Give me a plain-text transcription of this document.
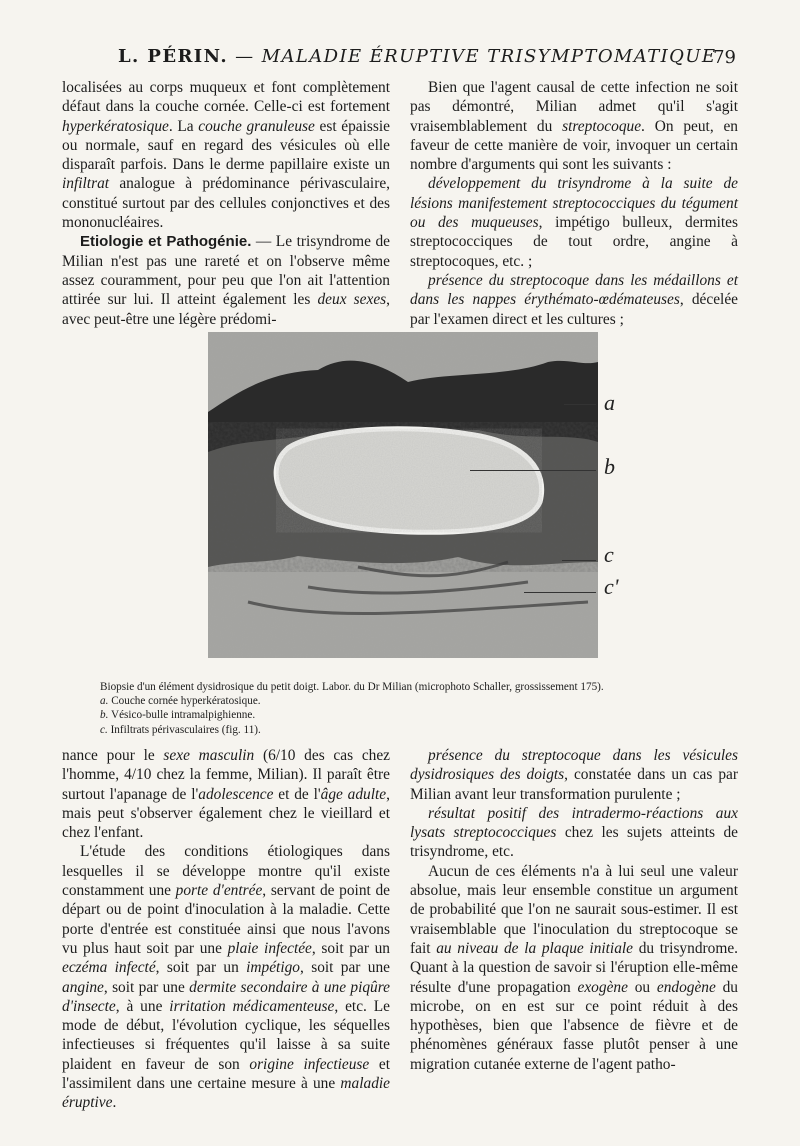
L. PÉRIN. — MALADIE ÉRUPTIVE TRISYMPTOMATIQUE
79

localisées au corps muqueux et font complètement défaut dans la couche cornée. Celle-ci est fortement hyperkératosique. La couche granuleuse est épaissie ou normale, sauf en regard des vésicules où elle disparaît parfois. Dans le derme papillaire existe un infiltrat analogue à prédominance périvasculaire, constitué surtout par des cellules conjonctives et des mononucléaires.

Etiologie et Pathogénie. — Le trisyndrome de Milian n'est pas une rareté et on l'observe même assez couramment, pour peu que l'on ait l'attention attirée sur lui. Il atteint également les deux sexes, avec peut-être une légère prédomi-

Bien que l'agent causal de cette infection ne soit pas démontré, Milian admet qu'il s'agit vraisemblablement du streptocoque. On peut, en faveur de cette manière de voir, invoquer un certain nombre d'arguments qui sont les suivants :

développement du trisyndrome à la suite de lésions manifestement streptococciques du tégument ou des muqueuses, impétigo bulleux, dermites streptococciques de tout ordre, angine à streptocoques, etc. ;

présence du streptocoque dans les médaillons et dans les nappes érythémato-œdémateuses, décelée par l'examen direct et les cultures ;

a
b
c
c'
Biopsie d'un élément dysidrosique du petit doigt. Labor. du Dr Milian (microphoto Schaller, grossissement 175).
a. Couche cornée hyperkératosique.
b. Vésico-bulle intramalpighienne.
c. Infiltrats périvasculaires (fig. 11).

nance pour le sexe masculin (6/10 des cas chez l'homme, 4/10 chez la femme, Milian). Il paraît être surtout l'apanage de l'adolescence et de l'âge adulte, mais peut s'observer également chez le vieillard et chez l'enfant.

L'étude des conditions étiologiques dans lesquelles il se développe montre qu'il existe constamment une porte d'entrée, servant de point de départ ou de point d'inoculation à la maladie. Cette porte d'entrée est constituée ainsi que nous l'avons vu plus haut soit par une plaie infectée, soit par un eczéma infecté, soit par un impétigo, soit par une angine, soit par une dermite secondaire à une piqûre d'insecte, à une irritation médicamenteuse, etc. Le mode de début, l'évolution cyclique, les séquelles infectieuses si fréquentes qu'il laisse à sa suite plaident en faveur de son origine infectieuse et l'assimilent dans une certaine mesure à une maladie éruptive.

présence du streptocoque dans les vésicules dysidrosiques des doigts, constatée dans un cas par Milian avant leur transformation purulente ;

résultat positif des intradermo-réactions aux lysats streptococciques chez les sujets atteints de trisyndrome, etc.

Aucun de ces éléments n'a à lui seul une valeur absolue, mais leur ensemble constitue un argument de probabilité que l'on ne saurait sous-estimer. Il est vraisemblable que l'inoculation du streptocoque se fait au niveau de la plaque initiale du trisyndrome. Quant à la question de savoir si l'éruption elle-même résulte d'une propagation exogène ou endogène du microbe, on en est sur ce point réduit à des hypothèses, bien que l'absence de fièvre et de phénomènes généraux fasse plutôt penser à une migration cutanée externe de l'agent patho-
